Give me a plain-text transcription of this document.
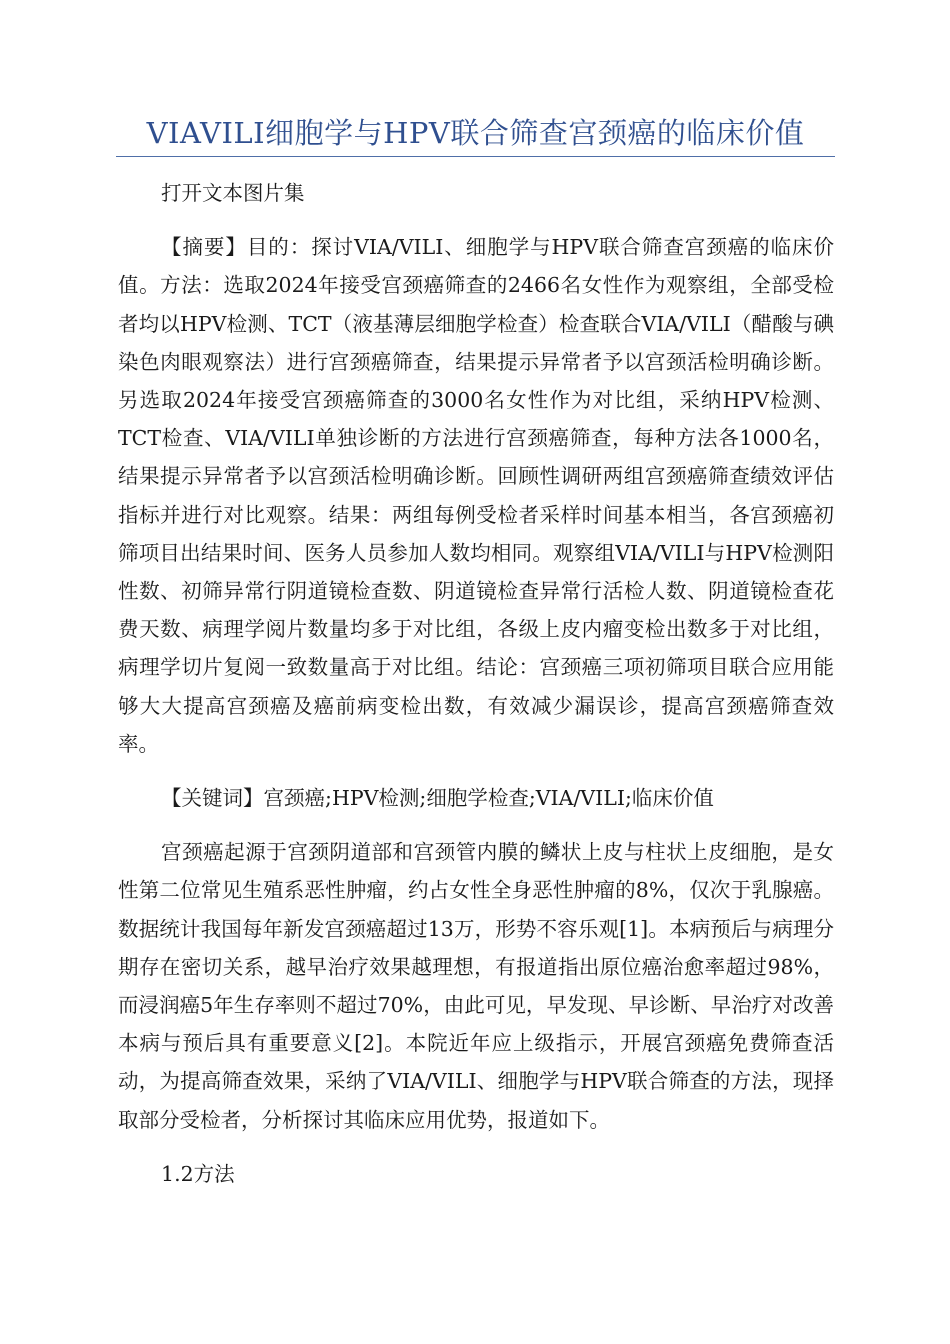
VIAVILI细胞学与HPV联合筛查宫颈癌的临床价值

打开文本图片集

【摘要】目的：探讨VIA/VILI、细胞学与HPV联合筛查宫颈癌的临床价值。方法：选取2024年接受宫颈癌筛查的2466名女性作为观察组，全部受检者均以HPV检测、TCT（液基薄层细胞学检查）检查联合VIA/VILI（醋酸与碘染色肉眼观察法）进行宫颈癌筛查，结果提示异常者予以宫颈活检明确诊断。另选取2024年接受宫颈癌筛查的3000名女性作为对比组，采纳HPV检测、TCT检查、VIA/VILI单独诊断的方法进行宫颈癌筛查，每种方法各1000名，结果提示异常者予以宫颈活检明确诊断。回顾性调研两组宫颈癌筛查绩效评估指标并进行对比观察。结果：两组每例受检者采样时间基本相当，各宫颈癌初筛项目出结果时间、医务人员参加人数均相同。观察组VIA/VILI与HPV检测阳性数、初筛异常行阴道镜检查数、阴道镜检查异常行活检人数、阴道镜检查花费天数、病理学阅片数量均多于对比组，各级上皮内瘤变检出数多于对比组，病理学切片复阅一致数量高于对比组。结论：宫颈癌三项初筛项目联合应用能够大大提高宫颈癌及癌前病变检出数，有效减少漏误诊，提高宫颈癌筛查效率。

【关键词】宫颈癌;HPV检测;细胞学检查;VIA/VILI;临床价值

宫颈癌起源于宫颈阴道部和宫颈管内膜的鳞状上皮与柱状上皮细胞，是女性第二位常见生殖系恶性肿瘤，约占女性全身恶性肿瘤的8%，仅次于乳腺癌。数据统计我国每年新发宫颈癌超过13万，形势不容乐观[1]。本病预后与病理分期存在密切关系，越早治疗效果越理想，有报道指出原位癌治愈率超过98%，而浸润癌5年生存率则不超过70%，由此可见，早发现、早诊断、早治疗对改善本病与预后具有重要意义[2]。本院近年应上级指示，开展宫颈癌免费筛查活动，为提高筛查效果，采纳了VIA/VILI、细胞学与HPV联合筛查的方法，现择取部分受检者，分析探讨其临床应用优势，报道如下。

1.2方法
